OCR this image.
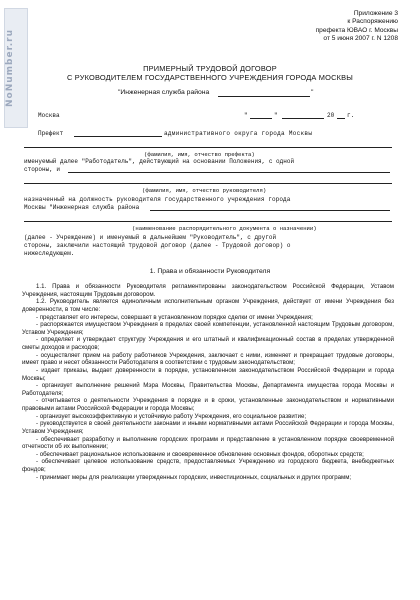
NoNumber.ru
Приложение 3
к Распоряжению
префекта ЮВАО г. Москвы
от 5 июня 2007 г. N 1208
ПРИМЕРНЫЙ ТРУДОВОЙ ДОГОВОР
С РУКОВОДИТЕЛЕМ ГОСУДАРСТВЕННОГО УЧРЕЖДЕНИЯ ГОРОДА МОСКВЫ
"Инженерная служба района	"
Москва	"	"	20 г.
Префект	административного округа города Москвы
(фамилия, имя, отчество префекта)
именуемый далее "Работодатель", действующий на основании Положения, с одной
стороны, и
(фамилия, имя, отчество руководителя)
назначенный на должность руководителя государственного учреждения города
Москвы "Инженерная служба района
(наименование распорядительного документа о назначении)
(далее - Учреждение) и именуемый в дальнейшем "Руководитель", с другой
стороны, заключили настоящий трудовой договор (далее - Трудовой договор) о
нижеследующем.
1. Права и обязанности Руководителя

1.1. Права и обязанности Руководителя регламентированы законодательством Российской Федерации, Уставом Учреждения, настоящим Трудовым договором.

1.2. Руководитель является единоличным исполнительным органом Учреждения, действует от имени Учреждения без доверенности, в том числе:

- представляет его интересы, совершает в установленном порядке сделки от имени Учреждения;

- распоряжается имуществом Учреждения в пределах своей компетенции, установленной настоящим Трудовым договором, Уставом Учреждения;

- определяет и утверждает структуру Учреждения и его штатный и квалификационный состав в пределах утвержденной сметы доходов и расходов;

- осуществляет прием на работу работников Учреждения, заключает с ними, изменяет и прекращает трудовые договоры, имеет право и несет обязанности Работодателя в соответствии с трудовым законодательством;

- издает приказы, выдает доверенности в порядке, установленном законодательством Российской Федерации и города Москвы;

- организует выполнение решений Мэра Москвы, Правительства Москвы, Департамента имущества города Москвы и Работодателя;

- отчитывается о деятельности Учреждения в порядке и в сроки, установленные законодательством и нормативными правовыми актами Российской Федерации и города Москвы;

- организует высокоэффективную и устойчивую работу Учреждения, его социальное развитие;

- руководствуется в своей деятельности законами и иными нормативными актами Российской Федерации и города Москвы, Уставом Учреждения;

- обеспечивает разработку и выполнение городских программ и представление в установленном порядке своевременной отчетности об их выполнении;

- обеспечивает рациональное использование и своевременное обновление основных фондов, оборотных средств;

- обеспечивает целевое использование средств, предоставляемых Учреждению из городского бюджета, внебюджетных фондов;

- принимает меры для реализации утвержденных городских, инвестиционных, социальных и других программ;
